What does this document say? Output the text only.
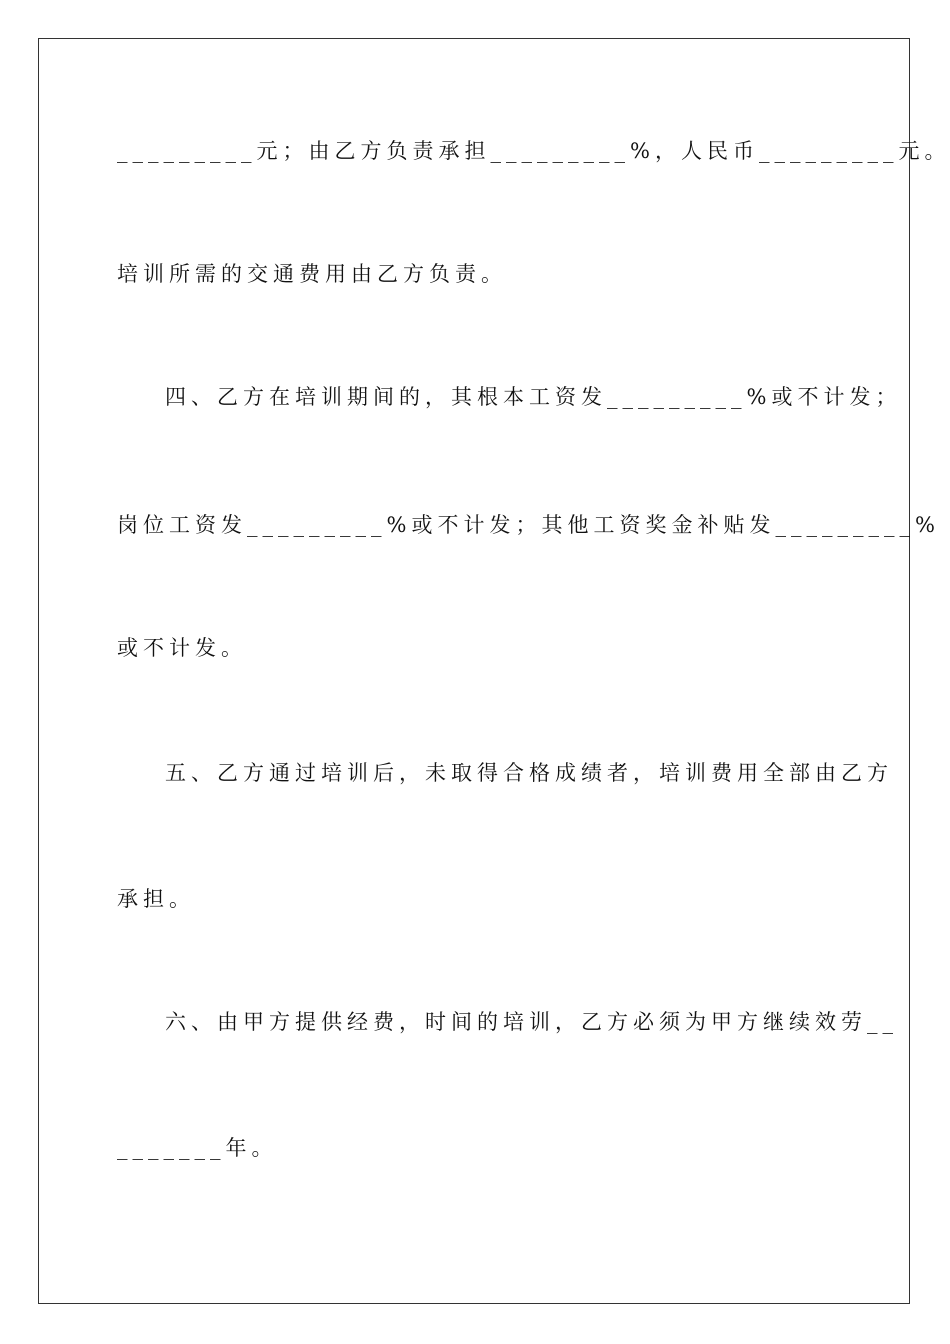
_________元；由乙方负责承担_________%，人民币_________元。
培训所需的交通费用由乙方负责。
四、乙方在培训期间的，其根本工资发_________%或不计发；
岗位工资发_________%或不计发；其他工资奖金补贴发_________%
或不计发。
五、乙方通过培训后，未取得合格成绩者，培训费用全部由乙方
承担。
六、由甲方提供经费，时间的培训，乙方必须为甲方继续效劳__
_______年。
